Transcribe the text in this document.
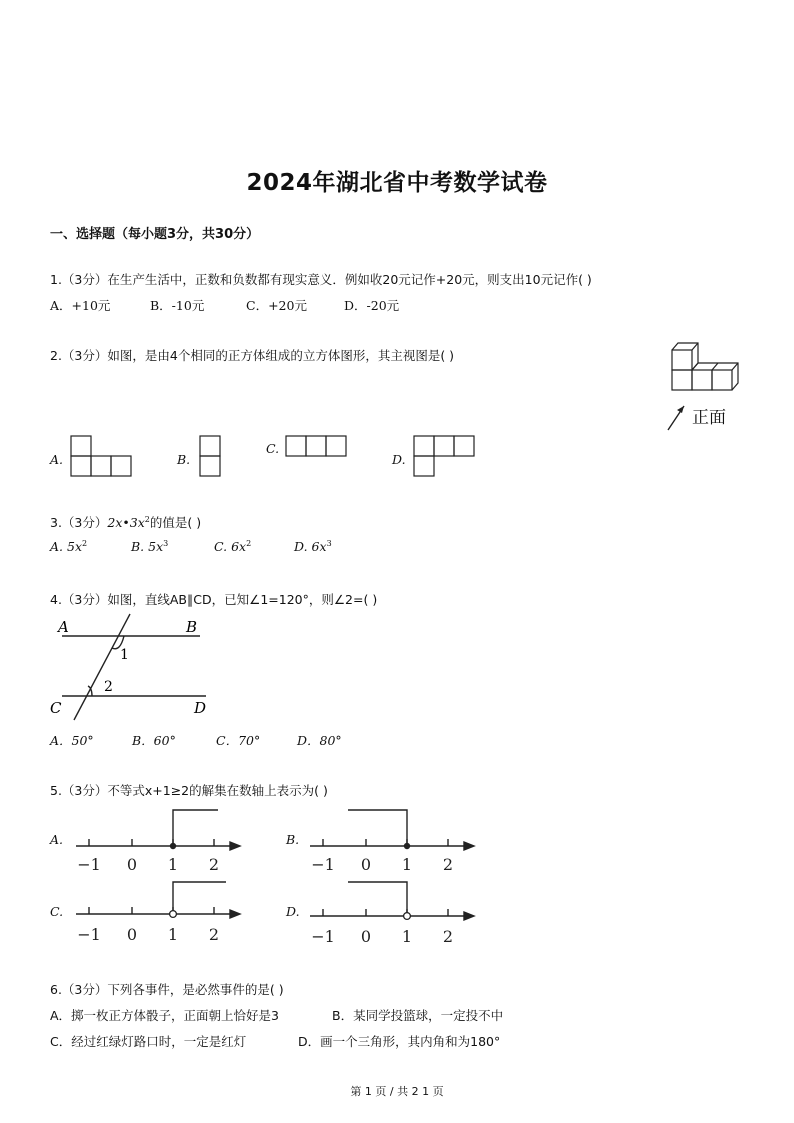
2024年湖北省中考数学试卷
一、选择题（每小题3分，共30分）
1.（3分）在生产生活中，正数和负数都有现实意义．例如收20元记作+20元，则支出10元记作( )
A．+10元	B．-10元	C．+20元	D．-20元
2.（3分）如图，是由4个相同的正方体组成的立方体图形，其主视图是( )
正面
A.	B.
C.
D.
3.（3分）$2x•3x^2$的值是( )
A. $5x^2$	B. $5x^3$	C. $6x^2$	D. $6x^3$
4.（3分）如图，直线AB∥CD，已知∠1=120°，则∠2=( )
A	B
C	D
1
2
A．50°	B．60°	C．70°	D．80°
5.（3分）不等式x+1≥2的解集在数轴上表示为( )
A.
−1 0 1 2
B.
−1 0 1 2
C.
−1 0 1 2
D.
−1 0 1 2
6.（3分）下列各事件，是必然事件的是( )
A．掷一枚正方体骰子，正面朝上恰好是3	B．某同学投篮球，一定投不中
C．经过红绿灯路口时，一定是红灯	D．画一个三角形，其内角和为180°
第 1 页 / 共 2 1 页
